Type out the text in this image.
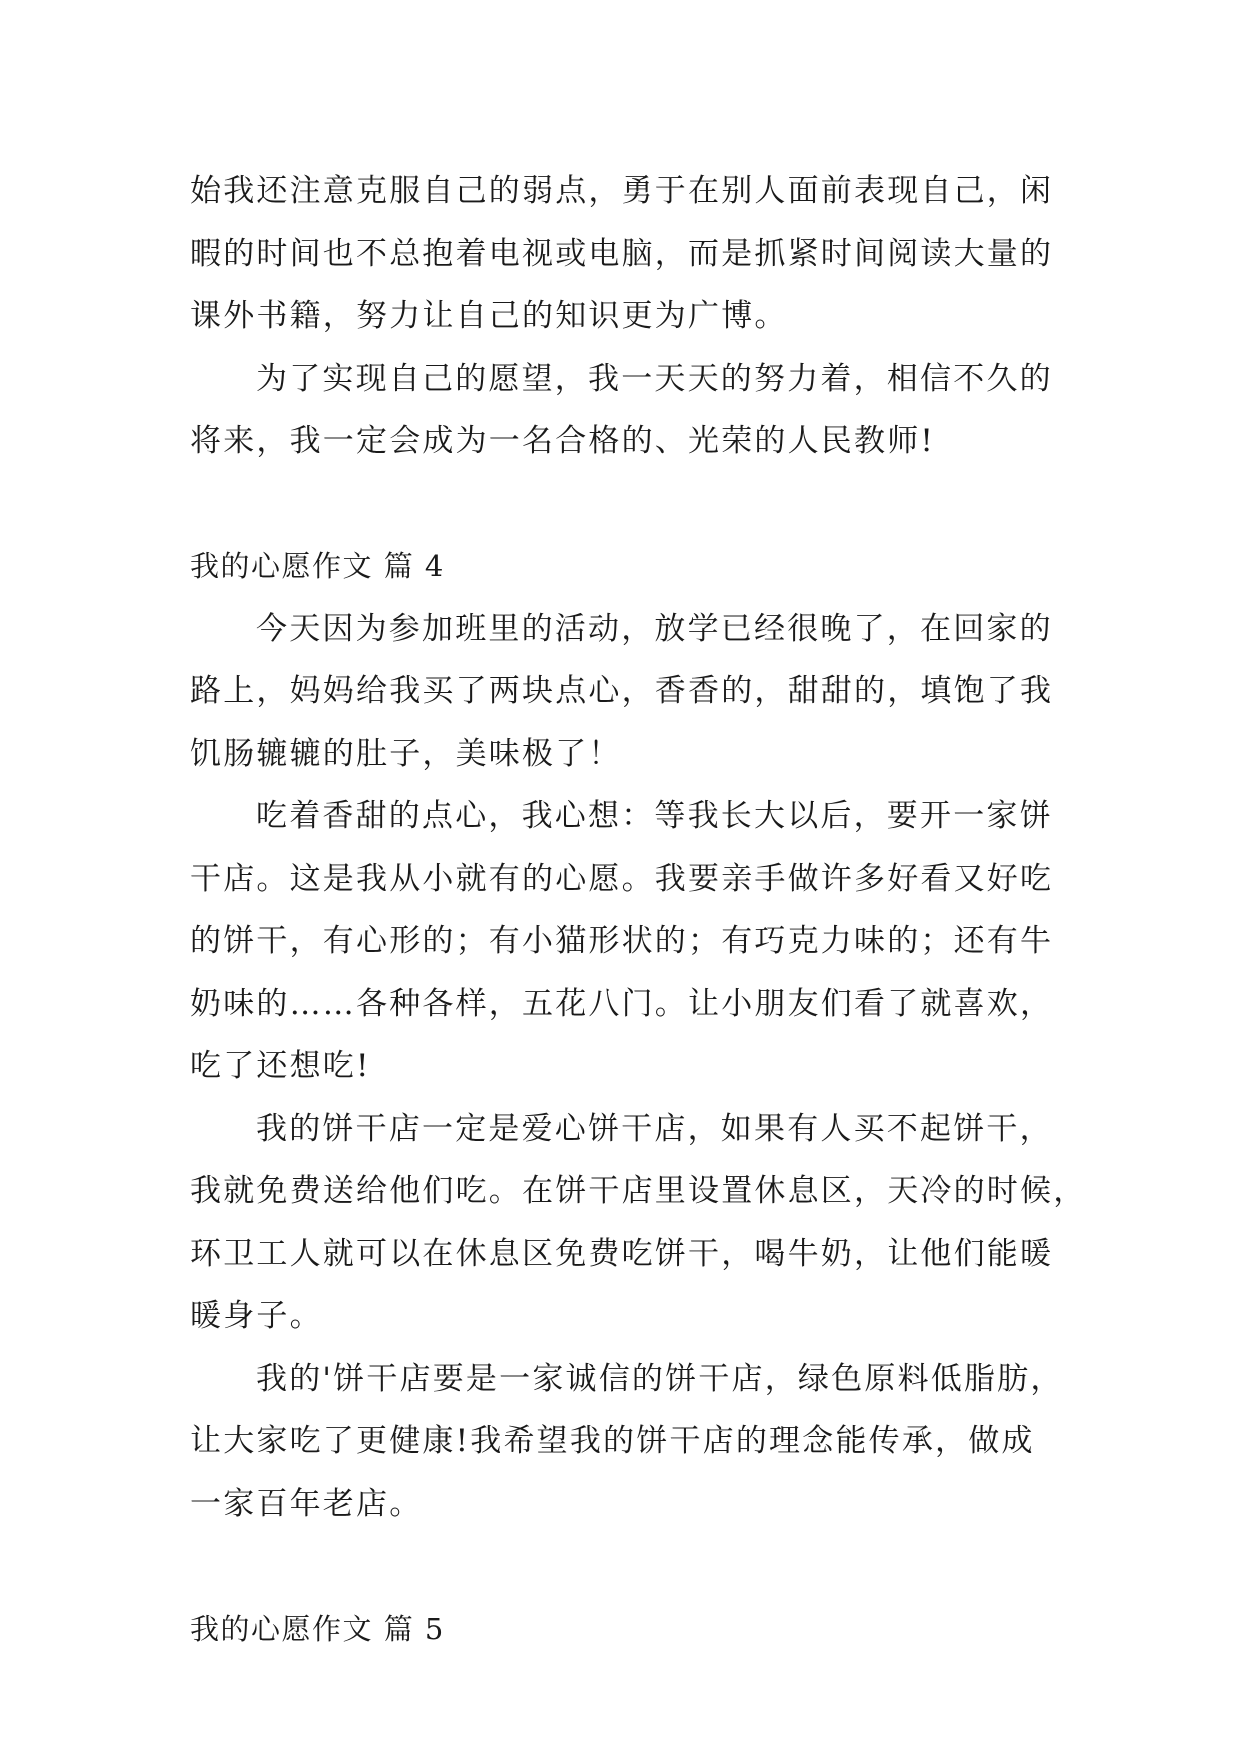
始我还注意克服自己的弱点，勇于在别人面前表现自己，闲
暇的时间也不总抱着电视或电脑，而是抓紧时间阅读大量的
课外书籍，努力让自己的知识更为广博。
为了实现自己的愿望，我一天天的努力着，相信不久的
将来，我一定会成为一名合格的、光荣的人民教师!
我的心愿作文 篇 4
今天因为参加班里的活动，放学已经很晚了，在回家的
路上，妈妈给我买了两块点心，香香的，甜甜的，填饱了我
饥肠辘辘的肚子，美味极了！
吃着香甜的点心，我心想：等我长大以后，要开一家饼
干店。这是我从小就有的心愿。我要亲手做许多好看又好吃
的饼干，有心形的；有小猫形状的；有巧克力味的；还有牛
奶味的……各种各样，五花八门。让小朋友们看了就喜欢，
吃了还想吃!
我的饼干店一定是爱心饼干店，如果有人买不起饼干，
我就免费送给他们吃。在饼干店里设置休息区，天冷的时候，
环卫工人就可以在休息区免费吃饼干，喝牛奶，让他们能暖
暖身子。
我的'饼干店要是一家诚信的饼干店，绿色原料低脂肪，
让大家吃了更健康!我希望我的饼干店的理念能传承，做成
一家百年老店。
我的心愿作文 篇 5
